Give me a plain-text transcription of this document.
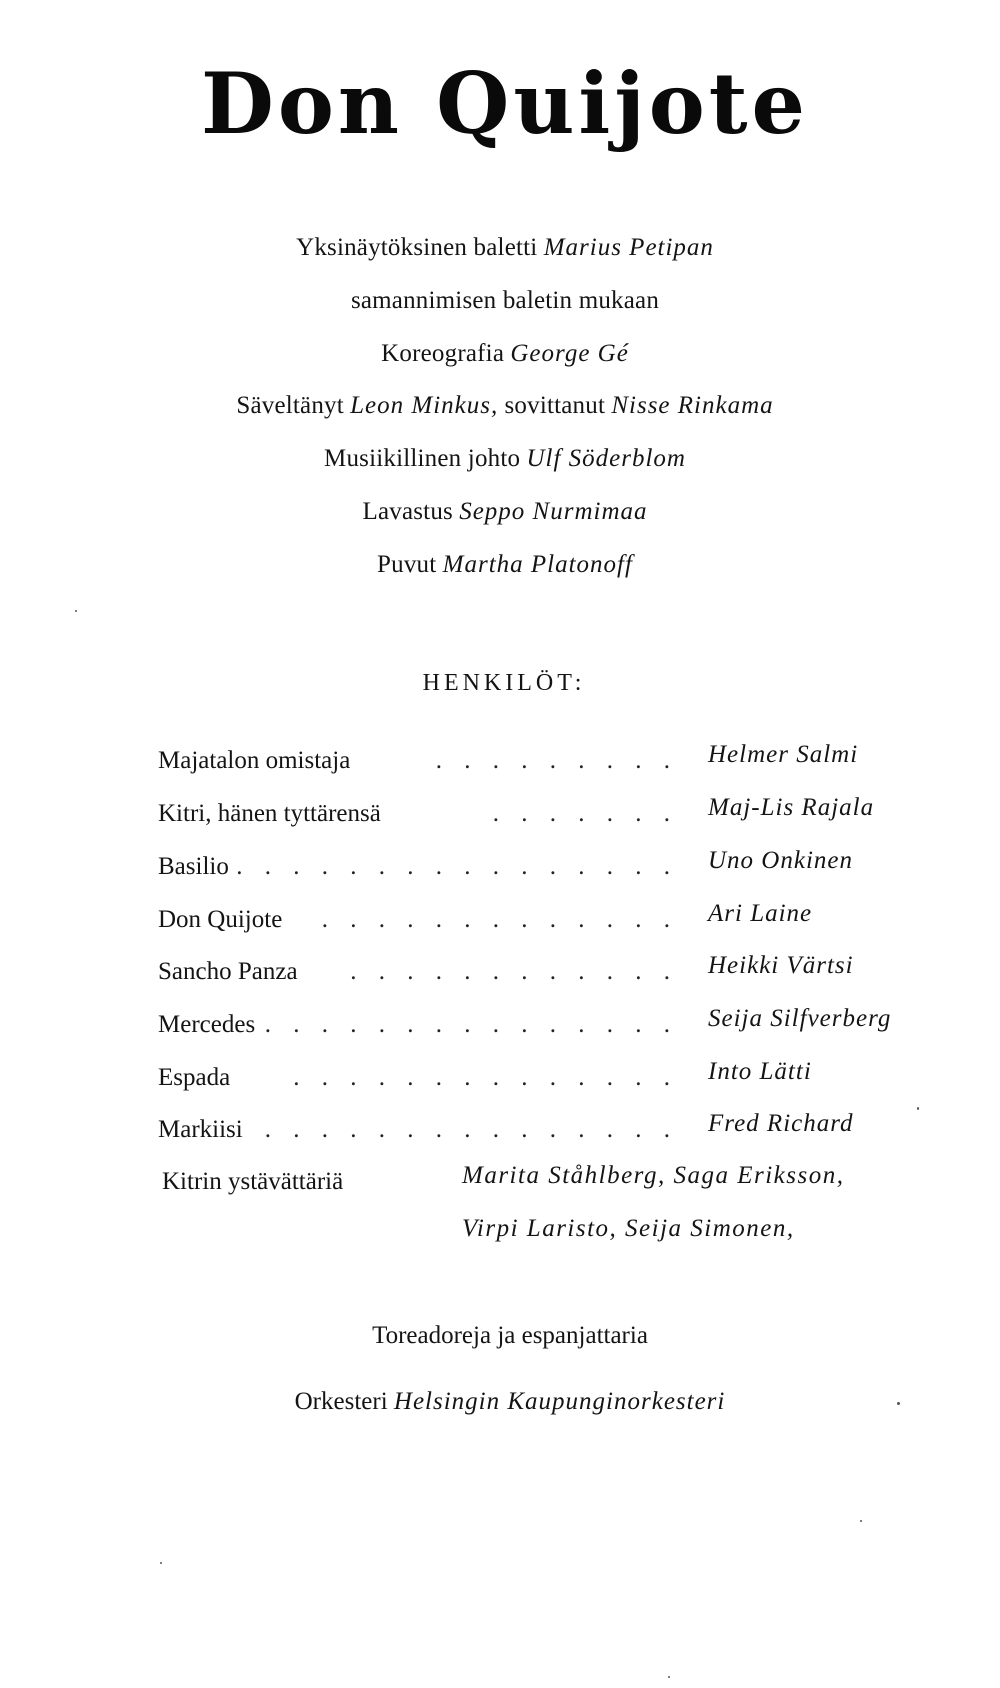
Don Quijote
Yksinäytöksinen baletti Marius Petipan
samannimisen baletin mukaan
Koreografia George Gé
Säveltänyt Leon Minkus, sovittanut Nisse Rinkama
Musiikillinen johto Ulf Söderblom
Lavastus Seppo Nurmimaa
Puvut Martha Platonoff
HENKILÖT:
. . . . . . . . .
Majatalon omistaja	Helmer Salmi
. . . . . . .
Kitri, hänen tyttärensä	Maj-Lis Rajala
. . . . . . . . . . . . . . . .
Basilio	Uno Onkinen
. . . . . . . . . . . . .
Don Quijote	Ari Laine
. . . . . . . . . . . .
Sancho Panza	Heikki Värtsi
. . . . . . . . . . . . . . .
Mercedes	Seija Silfverberg
. . . . . . . . . . . . . .
Espada	Into Lätti
. . . . . . . . . . . . . . .
Markiisi	Fred Richard
Kitrin ystävättäriä	Marita Ståhlberg, Saga Eriksson,
Virpi Laristo, Seija Simonen,
Toreadoreja ja espanjattaria
Orkesteri Helsingin Kaupunginorkesteri
